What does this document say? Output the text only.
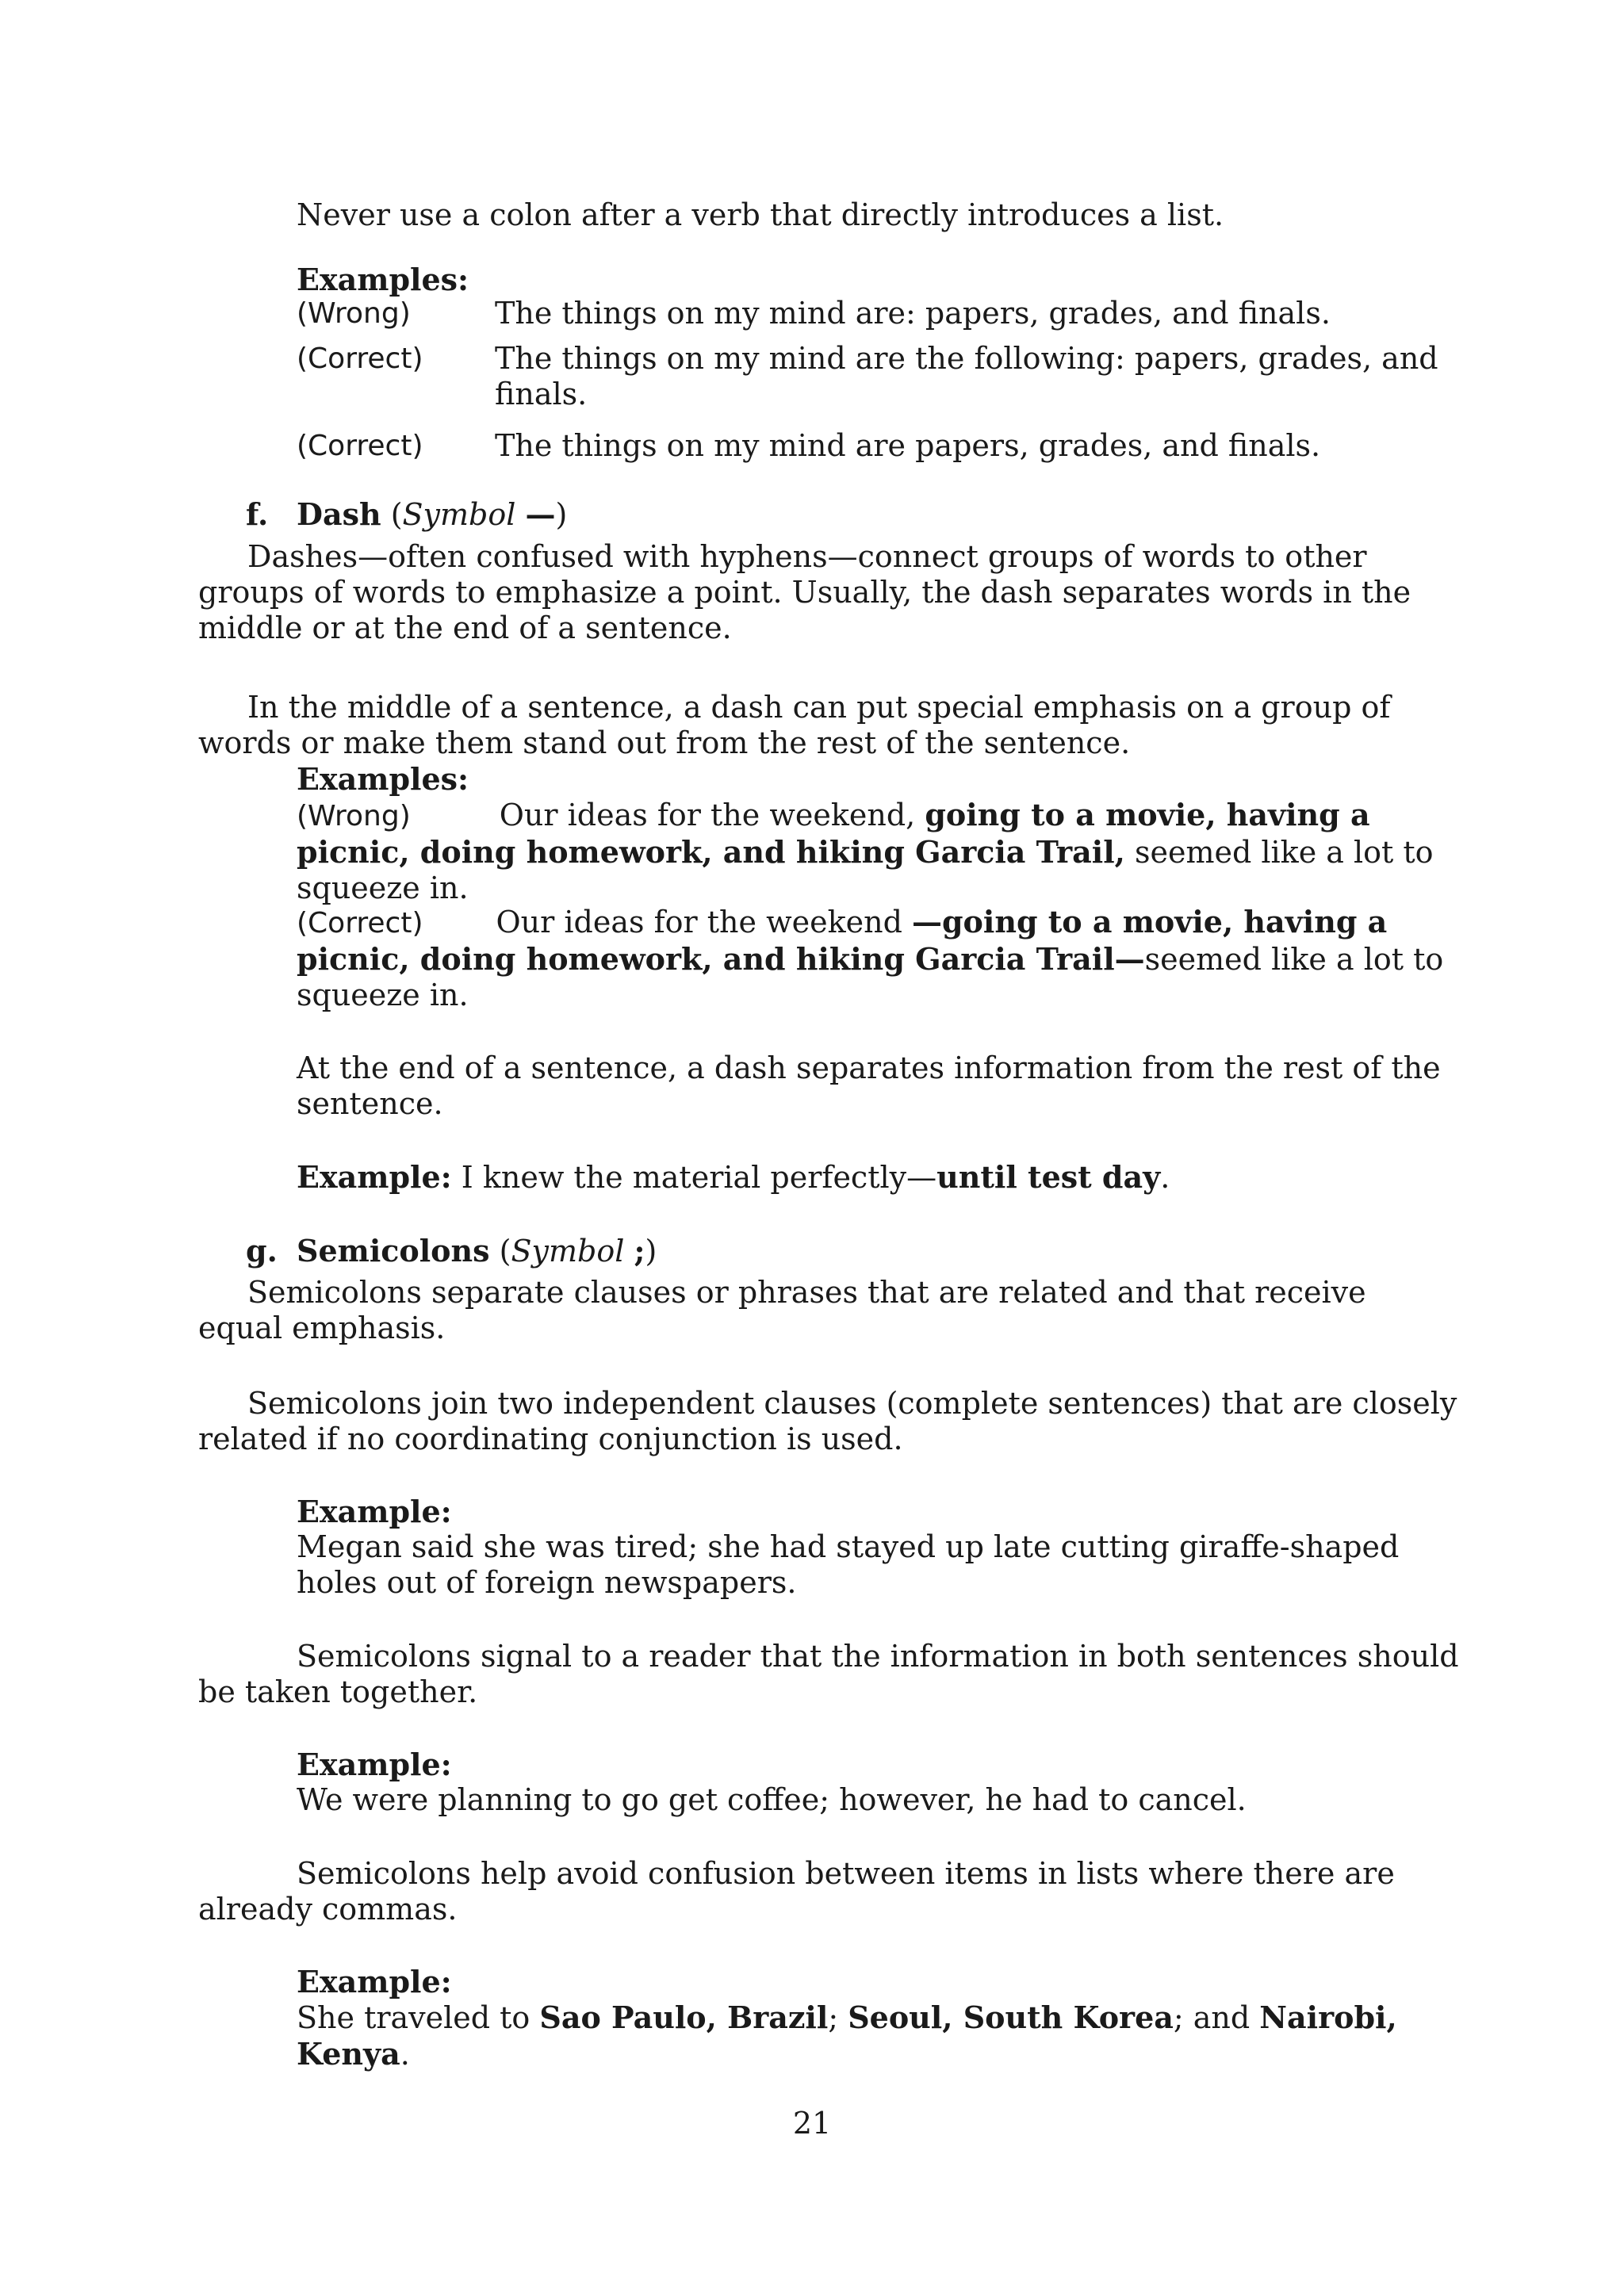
Never use a colon after a verb that directly introduces a list.

Examples:

(Wrong)	The things on my mind are: papers, grades, and finals.
(Correct) The things on my mind are the following: papers, grades, and finals.
(Correct) The things on my mind are papers, grades, and finals.
f. Dash (Symbol —)

Dashes—often confused with hyphens—connect groups of words to other groups of words to emphasize a point. Usually, the dash separates words in the middle or at the end of a sentence.

In the middle of a sentence, a dash can put special emphasis on a group of words or make them stand out from the rest of the sentence.

Examples:

(Wrong)	Our ideas for the weekend, going to a movie, having a picnic, doing homework, and hiking Garcia Trail, seemed like a lot to squeeze in.

(Correct) Our ideas for the weekend —going to a movie, having a picnic, doing homework, and hiking Garcia Trail—seemed like a lot to squeeze in.

At the end of a sentence, a dash separates information from the rest of the sentence.

Example: I knew the material perfectly—until test day.

g. Semicolons (Symbol ;)

Semicolons separate clauses or phrases that are related and that receive equal emphasis.

Semicolons join two independent clauses (complete sentences) that are closely related if no coordinating conjunction is used.

Example:

Megan said she was tired; she had stayed up late cutting giraffe-shaped holes out of foreign newspapers.

Semicolons signal to a reader that the information in both sentences should be taken together.

Example:

We were planning to go get coffee; however, he had to cancel.

Semicolons help avoid confusion between items in lists where there are already commas.

Example:

She traveled to Sao Paulo, Brazil; Seoul, South Korea; and Nairobi, Kenya.

21
